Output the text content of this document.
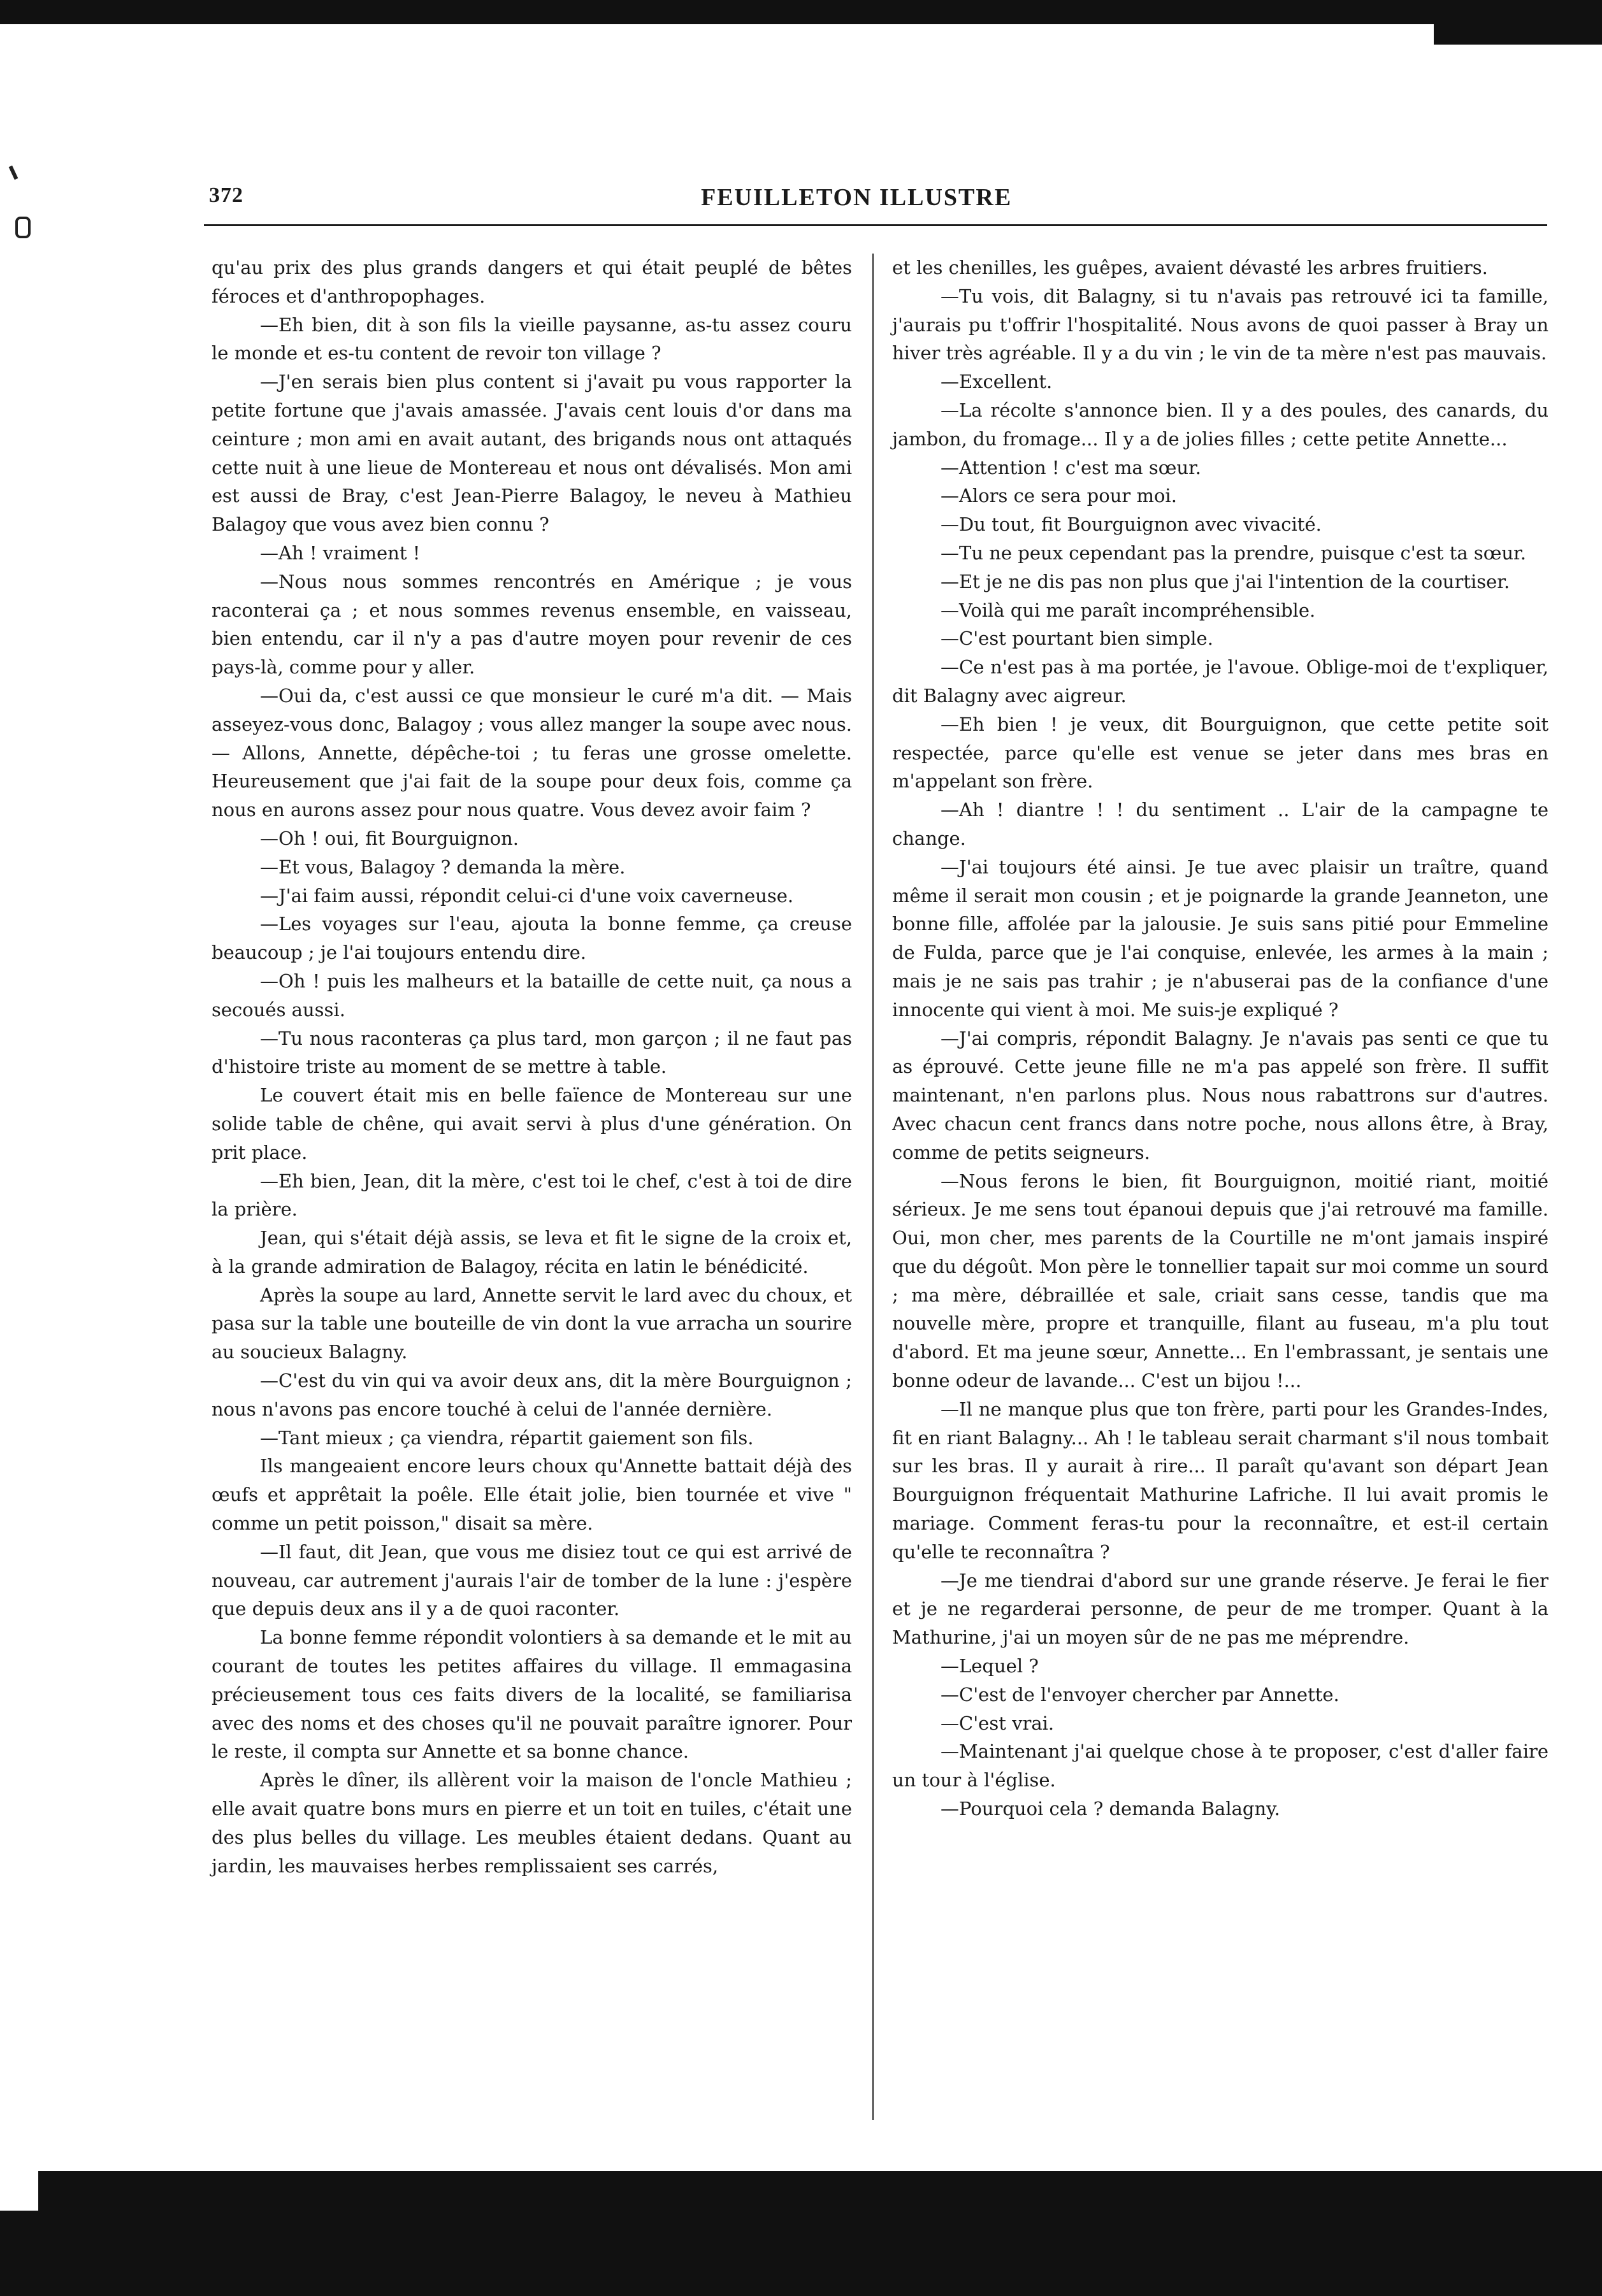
372	FEUILLETON ILLUSTRE

qu'au prix des plus grands dangers et qui était peuplé de bêtes féroces et d'anthropophages.

—Eh bien, dit à son fils la vieille paysanne, as-tu assez couru le monde et es-tu content de revoir ton village ?

—J'en serais bien plus content si j'avait pu vous rapporter la petite fortune que j'avais amassée. J'avais cent louis d'or dans ma ceinture ; mon ami en avait autant, des brigands nous ont attaqués cette nuit à une lieue de Montereau et nous ont dévalisés. Mon ami est aussi de Bray, c'est Jean-Pierre Balagoy, le neveu à Mathieu Balagoy que vous avez bien connu ?

—Ah ! vraiment !

—Nous nous sommes rencontrés en Amérique ; je vous raconterai ça ; et nous sommes revenus ensemble, en vaisseau, bien entendu, car il n'y a pas d'autre moyen pour revenir de ces pays-là, comme pour y aller.

—Oui da, c'est aussi ce que monsieur le curé m'a dit. — Mais asseyez-vous donc, Balagoy ; vous allez manger la soupe avec nous. — Allons, Annette, dépêche-toi ; tu feras une grosse omelette. Heureusement que j'ai fait de la soupe pour deux fois, comme ça nous en aurons assez pour nous quatre. Vous devez avoir faim ?

—Oh ! oui, fit Bourguignon.

—Et vous, Balagoy ? demanda la mère.

—J'ai faim aussi, répondit celui-ci d'une voix caverneuse.

—Les voyages sur l'eau, ajouta la bonne femme, ça creuse beaucoup ; je l'ai toujours entendu dire.

—Oh ! puis les malheurs et la bataille de cette nuit, ça nous a secoués aussi.

—Tu nous raconteras ça plus tard, mon garçon ; il ne faut pas d'histoire triste au moment de se mettre à table.

Le couvert était mis en belle faïence de Montereau sur une solide table de chêne, qui avait servi à plus d'une génération. On prit place.

—Eh bien, Jean, dit la mère, c'est toi le chef, c'est à toi de dire la prière.

Jean, qui s'était déjà assis, se leva et fit le signe de la croix et, à la grande admiration de Balagoy, récita en latin le bénédicité.

Après la soupe au lard, Annette servit le lard avec du choux, et pasa sur la table une bouteille de vin dont la vue arracha un sourire au soucieux Balagny.

—C'est du vin qui va avoir deux ans, dit la mère Bourguignon ; nous n'avons pas encore touché à celui de l'année dernière.

—Tant mieux ; ça viendra, répartit gaiement son fils.

Ils mangeaient encore leurs choux qu'Annette battait déjà des œufs et apprêtait la poêle. Elle était jolie, bien tournée et vive " comme un petit poisson," disait sa mère.

—Il faut, dit Jean, que vous me disiez tout ce qui est arrivé de nouveau, car autrement j'aurais l'air de tomber de la lune : j'espère que depuis deux ans il y a de quoi raconter.

La bonne femme répondit volontiers à sa demande et le mit au courant de toutes les petites affaires du village. Il emmagasina précieusement tous ces faits divers de la localité, se familiarisa avec des noms et des choses qu'il ne pouvait paraître ignorer. Pour le reste, il compta sur Annette et sa bonne chance.

Après le dîner, ils allèrent voir la maison de l'oncle Mathieu ; elle avait quatre bons murs en pierre et un toit en tuiles, c'était une des plus belles du village. Les meubles étaient dedans. Quant au jardin, les mauvaises herbes remplissaient ses carrés,

et les chenilles, les guêpes, avaient dévasté les arbres fruitiers.

—Tu vois, dit Balagny, si tu n'avais pas retrouvé ici ta famille, j'aurais pu t'offrir l'hospitalité. Nous avons de quoi passer à Bray un hiver très agréable. Il y a du vin ; le vin de ta mère n'est pas mauvais.

—Excellent.

—La récolte s'annonce bien. Il y a des poules, des canards, du jambon, du fromage... Il y a de jolies filles ; cette petite Annette...

—Attention ! c'est ma sœur.

—Alors ce sera pour moi.

—Du tout, fit Bourguignon avec vivacité.

—Tu ne peux cependant pas la prendre, puisque c'est ta sœur.

—Et je ne dis pas non plus que j'ai l'intention de la courtiser.

—Voilà qui me paraît incompréhensible.

—C'est pourtant bien simple.

—Ce n'est pas à ma portée, je l'avoue. Oblige-moi de t'expliquer, dit Balagny avec aigreur.

—Eh bien ! je veux, dit Bourguignon, que cette petite soit respectée, parce qu'elle est venue se jeter dans mes bras en m'appelant son frère.

—Ah ! diantre ! ! du sentiment .. L'air de la campagne te change.

—J'ai toujours été ainsi. Je tue avec plaisir un traître, quand même il serait mon cousin ; et je poignarde la grande Jeanneton, une bonne fille, affolée par la jalousie. Je suis sans pitié pour Emmeline de Fulda, parce que je l'ai conquise, enlevée, les armes à la main ; mais je ne sais pas trahir ; je n'abuserai pas de la confiance d'une innocente qui vient à moi. Me suis-je expliqué ?

—J'ai compris, répondit Balagny. Je n'avais pas senti ce que tu as éprouvé. Cette jeune fille ne m'a pas appelé son frère. Il suffit maintenant, n'en parlons plus. Nous nous rabattrons sur d'autres. Avec chacun cent francs dans notre poche, nous allons être, à Bray, comme de petits seigneurs.

—Nous ferons le bien, fit Bourguignon, moitié riant, moitié sérieux. Je me sens tout épanoui depuis que j'ai retrouvé ma famille. Oui, mon cher, mes parents de la Courtille ne m'ont jamais inspiré que du dégoût. Mon père le tonnellier tapait sur moi comme un sourd ; ma mère, débraillée et sale, criait sans cesse, tandis que ma nouvelle mère, propre et tranquille, filant au fuseau, m'a plu tout d'abord. Et ma jeune sœur, Annette... En l'embrassant, je sentais une bonne odeur de lavande... C'est un bijou !...

—Il ne manque plus que ton frère, parti pour les Grandes-Indes, fit en riant Balagny... Ah ! le tableau serait charmant s'il nous tombait sur les bras. Il y aurait à rire... Il paraît qu'avant son départ Jean Bourguignon fréquentait Mathurine Lafriche. Il lui avait promis le mariage. Comment feras-tu pour la reconnaître, et est-il certain qu'elle te reconnaîtra ?

—Je me tiendrai d'abord sur une grande réserve. Je ferai le fier et je ne regarderai personne, de peur de me tromper. Quant à la Mathurine, j'ai un moyen sûr de ne pas me méprendre.

—Lequel ?

—C'est de l'envoyer chercher par Annette.

—C'est vrai.

—Maintenant j'ai quelque chose à te proposer, c'est d'aller faire un tour à l'église.

—Pourquoi cela ? demanda Balagny.
